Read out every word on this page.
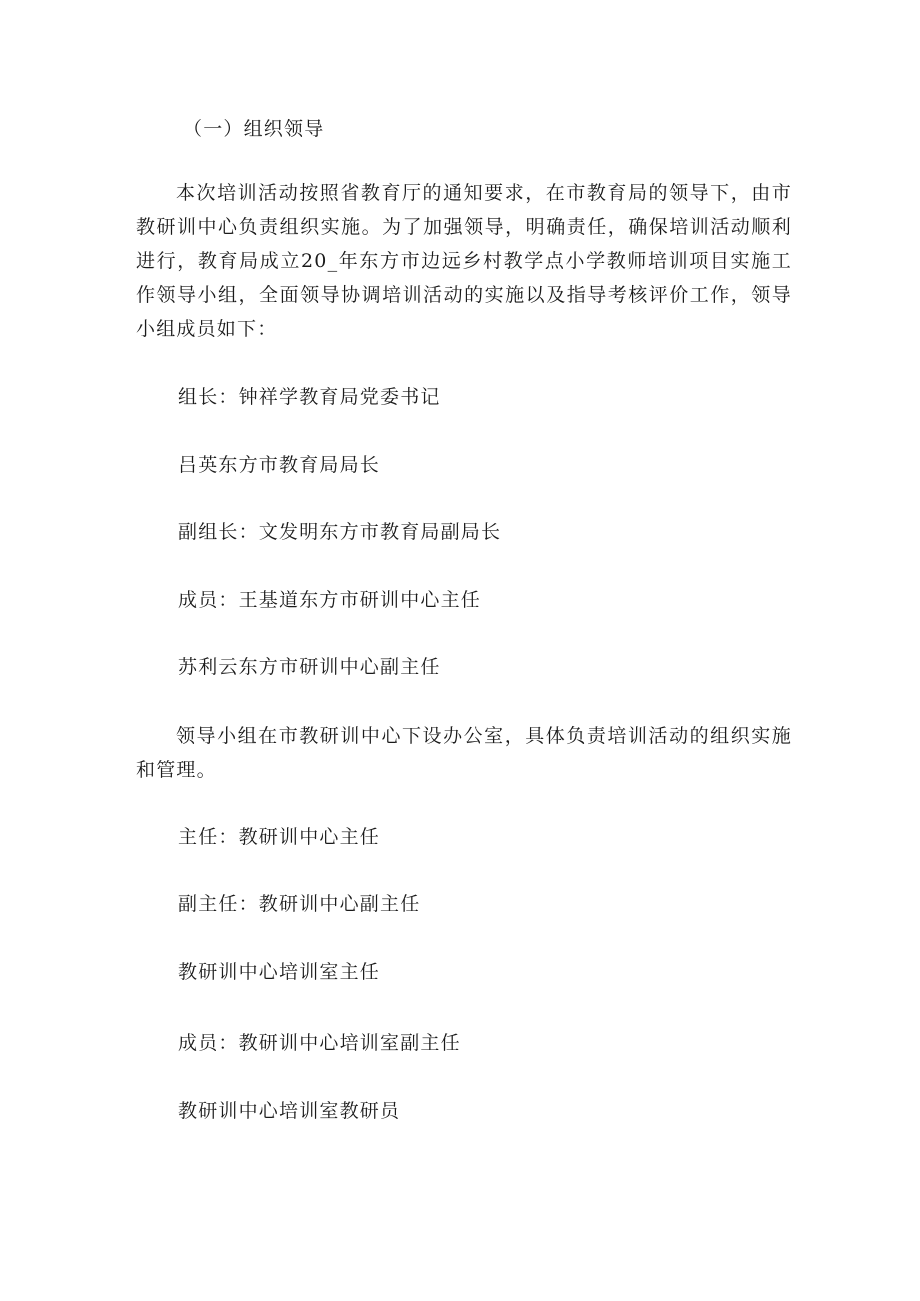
（一）组织领导
本次培训活动按照省教育厅的通知要求，在市教育局的领导下，由市教研训中心负责组织实施。为了加强领导，明确责任，确保培训活动顺利进行，教育局成立20_年东方市边远乡村教学点小学教师培训项目实施工作领导小组，全面领导协调培训活动的实施以及指导考核评价工作，领导小组成员如下：
组长：钟祥学教育局党委书记
吕英东方市教育局局长
副组长：文发明东方市教育局副局长
成员：王基道东方市研训中心主任
苏利云东方市研训中心副主任
领导小组在市教研训中心下设办公室，具体负责培训活动的组织实施和管理。
主任：教研训中心主任
副主任：教研训中心副主任
教研训中心培训室主任
成员：教研训中心培训室副主任
教研训中心培训室教研员
